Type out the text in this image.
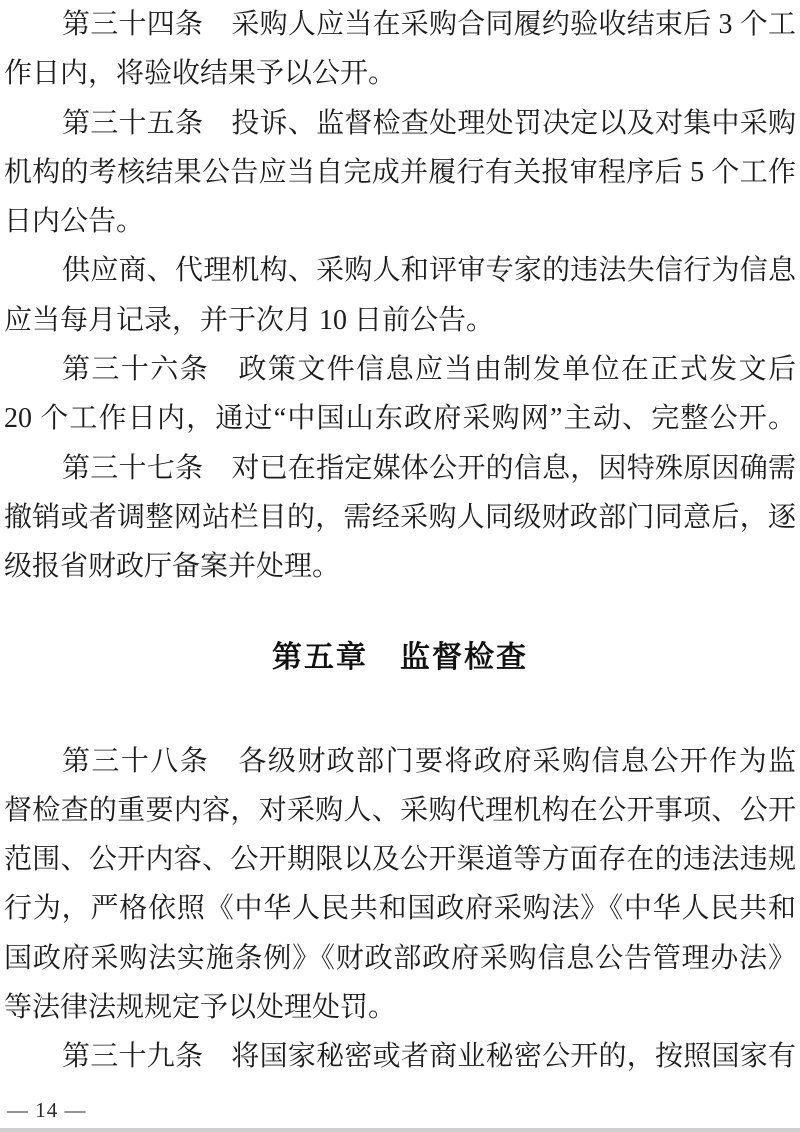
第三十四条　采购人应当在采购合同履约验收结束后 3 个工
作日内，将验收结果予以公开。
第三十五条　投诉、监督检查处理处罚决定以及对集中采购
机构的考核结果公告应当自完成并履行有关报审程序后 5 个工作
日内公告。
供应商、代理机构、采购人和评审专家的违法失信行为信息
应当每月记录，并于次月 10 日前公告。
第三十六条　政策文件信息应当由制发单位在正式发文后
20 个工作日内，通过“中国山东政府采购网”主动、完整公开。
第三十七条　对已在指定媒体公开的信息，因特殊原因确需
撤销或者调整网站栏目的，需经采购人同级财政部门同意后，逐
级报省财政厅备案并处理。
第五章　监督检查
第三十八条　各级财政部门要将政府采购信息公开作为监
督检查的重要内容，对采购人、采购代理机构在公开事项、公开
范围、公开内容、公开期限以及公开渠道等方面存在的违法违规
行为，严格依照《中华人民共和国政府采购法》《中华人民共和
国政府采购法实施条例》《财政部政府采购信息公告管理办法》
等法律法规规定予以处理处罚。
第三十九条　将国家秘密或者商业秘密公开的，按照国家有
— 14 —
